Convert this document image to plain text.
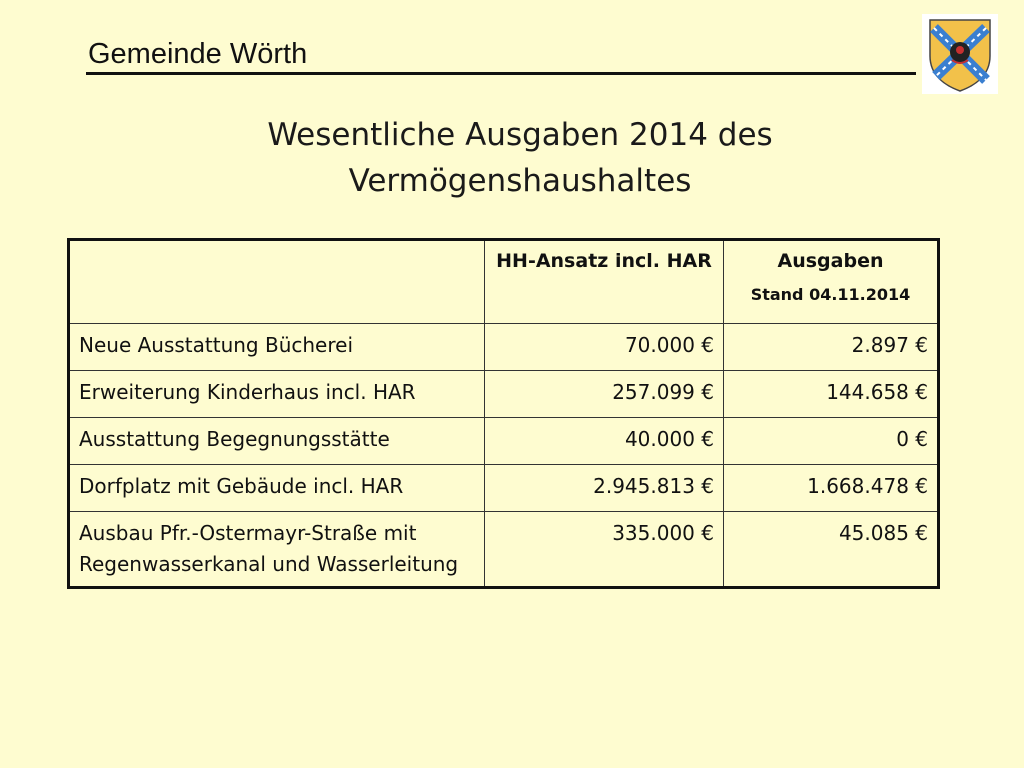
Gemeinde Wörth
Wesentliche Ausgaben 2014 des
Vermögenshaushaltes
	HH-Ansatz incl. HAR	Ausgaben
Stand 04.11.2014

Neue Ausstattung Bücherei	70.000 €	2.897 €
Erweiterung Kinderhaus incl. HAR	257.099 €	144.658 €
Ausstattung Begegnungsstätte	40.000 €	0 €
Dorfplatz mit Gebäude incl. HAR	2.945.813 €	1.668.478 €
Ausbau Pfr.-Ostermayr-Straße mit Regenwasserkanal und Wasserleitung	335.000 €	45.085 €
